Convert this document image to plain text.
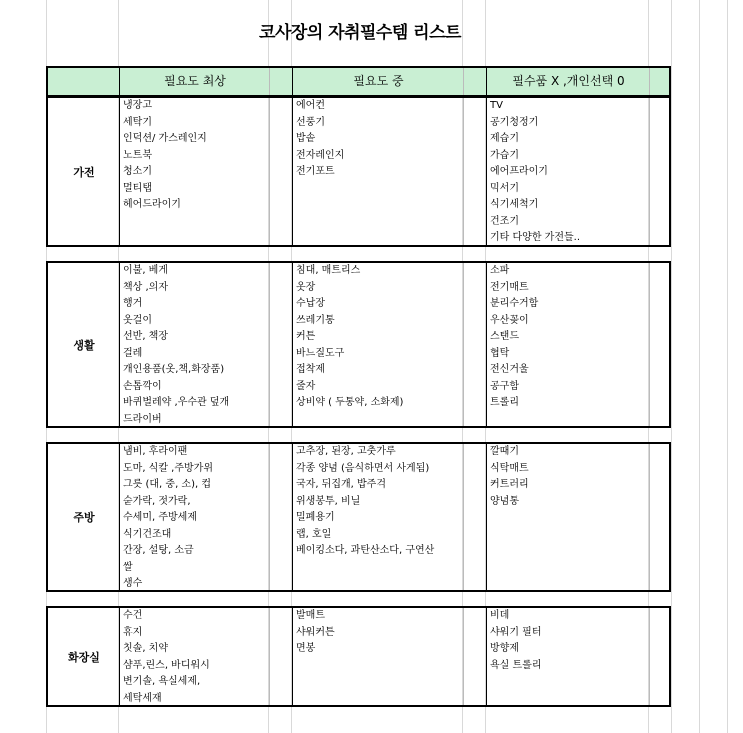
코사장의 자취필수템 리스트
필요도 최상	필요도 중	필수품 X ,개인선택 0
가전
냉장고
세탁기
인덕션/ 가스레인지
노트북
청소기
멀티탭
헤어드라이기
에어컨
선풍기
밥솥
전자레인지
전기포트
TV
공기청정기
제습기
가습기
에어프라이기
믹서기
식기세척기
건조기
기타 다양한 가전들..
생활
이불, 베게
책상 ,의자
행거
옷걸이
선반, 책장
걸레
개인용품(옷,책,화장품)
손톱깍이
바퀴벌레약 ,우수관 덮개
드라이버
침대, 매트리스
옷장
수납장
쓰레기통
커튼
바느질도구
접착제
줄자
상비약 ( 두통약, 소화제)
소파
전기매트
분리수거함
우산꽂이
스탠드
협탁
전신거울
공구함
트롤리
주방
냄비, 후라이팬
도마, 식칼 ,주방가위
그릇 (대, 중, 소), 컵
숟가락, 젓가락,
수세미, 주방세제
식기건조대
간장, 설탕, 소금
쌀
생수
고추장, 된장, 고춧가루
각종 양념 (음식하면서 사게됨)
국자, 뒤집개, 밥주걱
위생봉투, 비닐
밀폐용기
랩, 호일
베이킹소다, 과탄산소다, 구연산
깔때기
식탁매트
커트러리
양념통
화장실
수건
휴지
칫솔, 치약
샴푸,린스, 바디워시
변기솔, 욕실세제,
세탁세재
발매트
샤워커튼
면봉
비데
샤워기 필터
방향제
욕실 트롤리
